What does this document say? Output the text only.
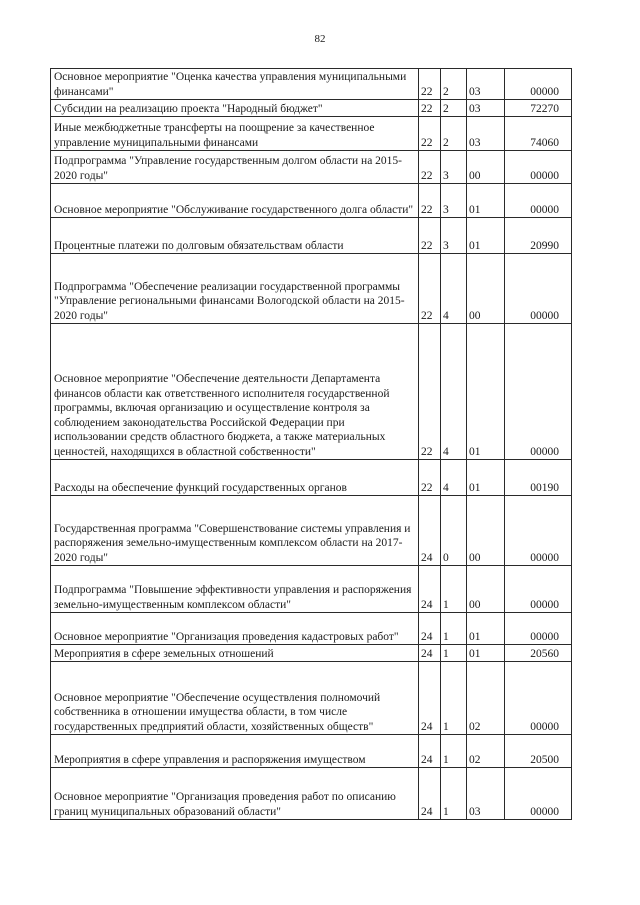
82
Основное мероприятие "Оценка качества управления муниципальными финансами"	22	2	03	00000
Субсидии на реализацию проекта "Народный бюджет"	22	2	03	72270
Иные межбюджетные трансферты на поощрение за качественное управление муниципальными финансами	22	2	03	74060
Подпрограмма "Управление государственным долгом области на 2015-2020 годы"	22	3	00	00000
Основное мероприятие "Обслуживание государственного долга области"	22	3	01	00000
Процентные платежи по долговым обязательствам области	22	3	01	20990
Подпрограмма "Обеспечение реализации государственной программы "Управление региональными финансами Вологодской области на 2015-2020 годы"	22	4	00	00000
Основное мероприятие "Обеспечение деятельности Департамента финансов области как ответственного исполнителя государственной программы, включая организацию и осуществление контроля за соблюдением законодательства Российской Федерации при использовании средств областного бюджета, а также материальных ценностей, находящихся в областной собственности"	22	4	01	00000
Расходы на обеспечение функций государственных органов	22	4	01	00190
Государственная программа "Совершенствование системы управления и распоряжения земельно-имущественным комплексом области на 2017-2020 годы"	24	0	00	00000
Подпрограмма "Повышение эффективности управления и распоряжения земельно-имущественным комплексом области"	24	1	00	00000
Основное мероприятие "Организация проведения кадастровых работ"	24	1	01	00000
Мероприятия в сфере земельных отношений	24	1	01	20560
Основное мероприятие "Обеспечение осуществления полномочий собственника в отношении имущества области, в том числе государственных предприятий области, хозяйственных обществ"	24	1	02	00000
Мероприятия в сфере управления и распоряжения имуществом	24	1	02	20500
Основное мероприятие "Организация проведения работ по описанию границ муниципальных образований области"	24	1	03	00000
